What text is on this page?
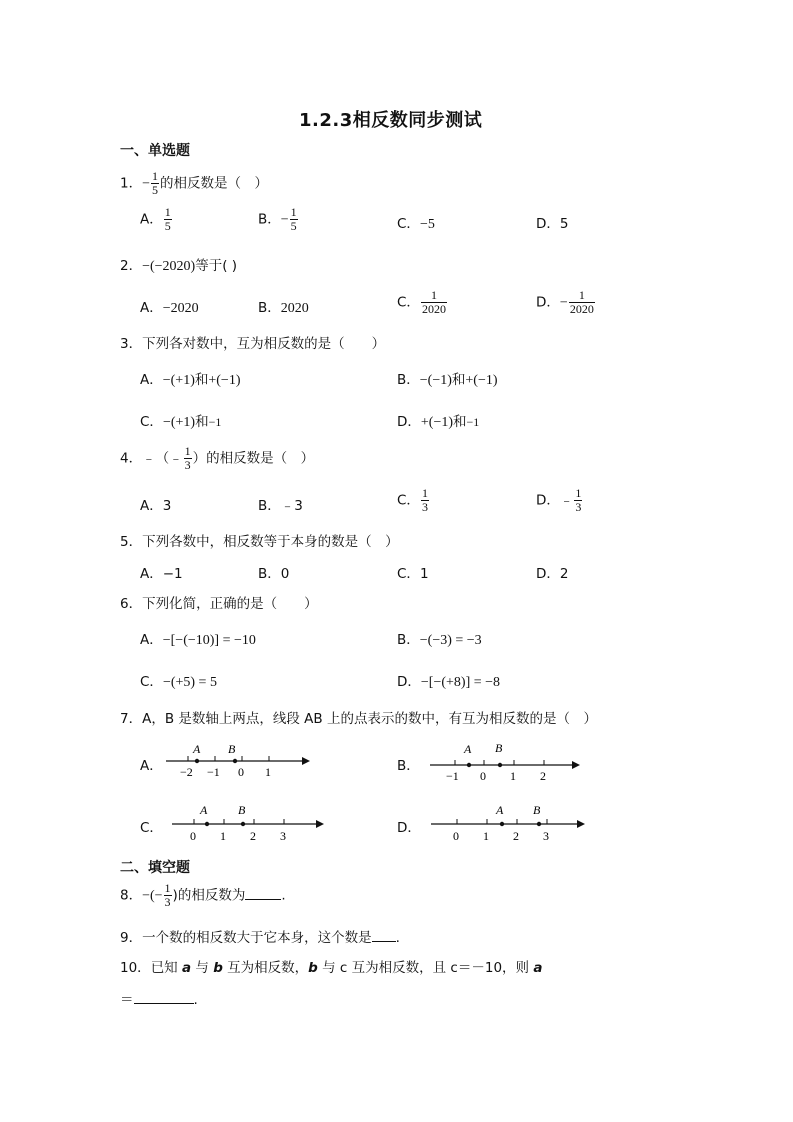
1.2.3相反数同步测试
一、单选题
1．− $\frac{1}{5}$ 的相反数是（　）
A． $\frac{1}{5}$	B．− $\frac{1}{5}$	C．−5	D．5
2．−(−2020)等于( )
A．−2020	B．2020	C． $\frac{1}{2020}$	D．− $\frac{1}{2020}$
3．下列各对数中，互为相反数的是（　　）
A．−(+1)和+(−1)	B．−(−1)和+(−1)
C．−(+1)和−1	D．+(−1)和−1
4．﹣（﹣ $\frac{1}{3}$ ）的相反数是（　）
A．3	B．﹣3	C． $\frac{1}{3}$	D．﹣ $\frac{1}{3}$
5．下列各数中，相反数等于本身的数是（　）
A．−1	B．0	C．1	D．2
6．下列化简，正确的是（　　）
A．−[−(−10)] = −10	B．−(−3) = −3
C．−(+5) = 5	D．−[−(+8)] = −8
7．A，B 是数轴上两点，线段 AB 上的点表示的数中，有互为相反数的是（　）
A．	B．
C．	D．
A B
−2 −1 0 1
A B
−1 0 1 2
A	B
0 1 2 3
A B
0 1 2 3
二、填空题
8．−(− $\frac{1}{3}$ )的相反数为	.
9．一个数的相反数大于它本身，这个数是 .
10．已知 a 与 b 互为相反数，b 与 c 互为相反数，且 c＝－10，则 a
＝	.
